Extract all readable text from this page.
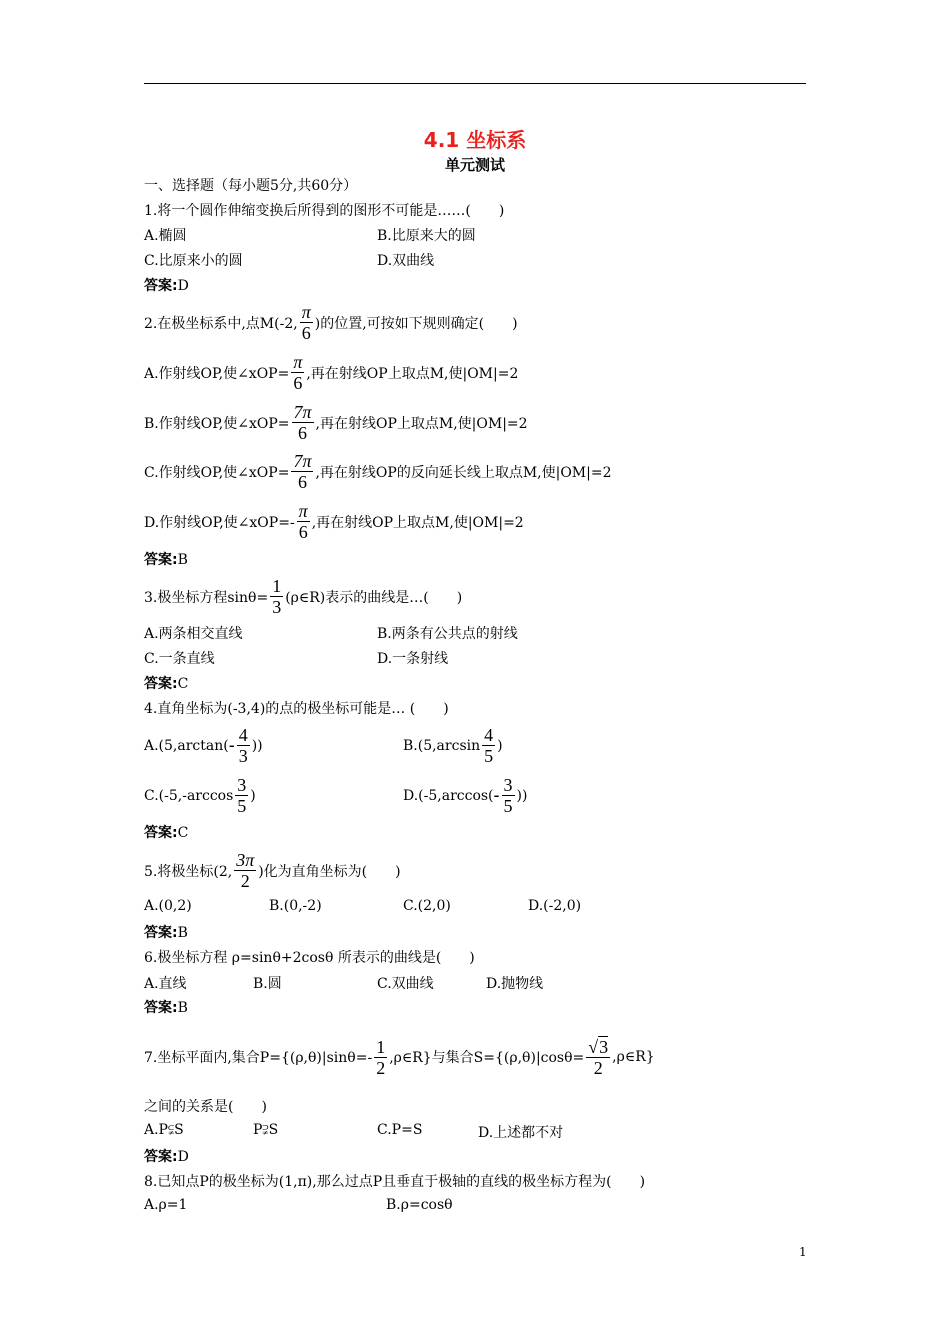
4.1 坐标系
单元测试
一、选择题（每小题5分,共60分）
1.将一个圆作伸缩变换后所得到的图形不可能是……(　　)
A.椭圆	B.比原来大的圆
C.比原来小的圆	D.双曲线
答案:D
2.在极坐标系中,点M(-2, $\frac{\pi}{6}$ )的位置,可按如下规则确定(　　)
A.作射线OP,使∠xOP= $\frac{\pi}{6}$ ,再在射线OP上取点M,使|OM|=2
B.作射线OP,使∠xOP= $\frac{7\pi}{6}$ ,再在射线OP上取点M,使|OM|=2
C.作射线OP,使∠xOP= $\frac{7\pi}{6}$ ,再在射线OP的反向延长线上取点M,使|OM|=2
D.作射线OP,使∠xOP=- $\frac{\pi}{6}$ ,再在射线OP上取点M,使|OM|=2
答案:B
3.极坐标方程$\sin\theta= \frac{1}{3}$ (ρ∈R)表示的曲线是…(　　)
A.两条相交直线	B.两条有公共点的射线
C.一条直线	D.一条射线
答案:C
4.直角坐标为(-3,4)的点的极坐标可能是… (　　)
$A.(5,\arctan( - \frac{4}{3}$ ))	$B.(5,\arcsin \frac{4}{5}$ )
$C.(-5,-\arccos \frac{3}{5}$ )	$D.(-5,\arccos( - \frac{3}{5}$ ))
答案:C
5.将极坐标(2, $\frac{3\pi}{2}$ )化为直角坐标为(　　)
A.(0,2)	B.(0,-2)	C.(2,0)	D.(-2,0)
答案:B
6.极坐标方程 ρ=sinθ+2cosθ 所表示的曲线是(　　)
A.直线	B.圆	C.双曲线	D.抛物线
答案:B
7.坐标平面内,集合$P=\{(\rho,\theta)|\sin\theta=- \frac{1}{2}$ ,ρ∈R}与集合$S=\{(\rho,\theta)|\cos\theta= \frac{√3}{2}$ ,ρ∈R}
之间的关系是(　　)
A.P⫋S	P⫌S	C.P=S	D.上述都不对
答案:D
8.已知点P的极坐标为(1,π),那么过点P且垂直于极轴的直线的极坐标方程为(　　)
A.ρ=1	B.ρ=cosθ
1
